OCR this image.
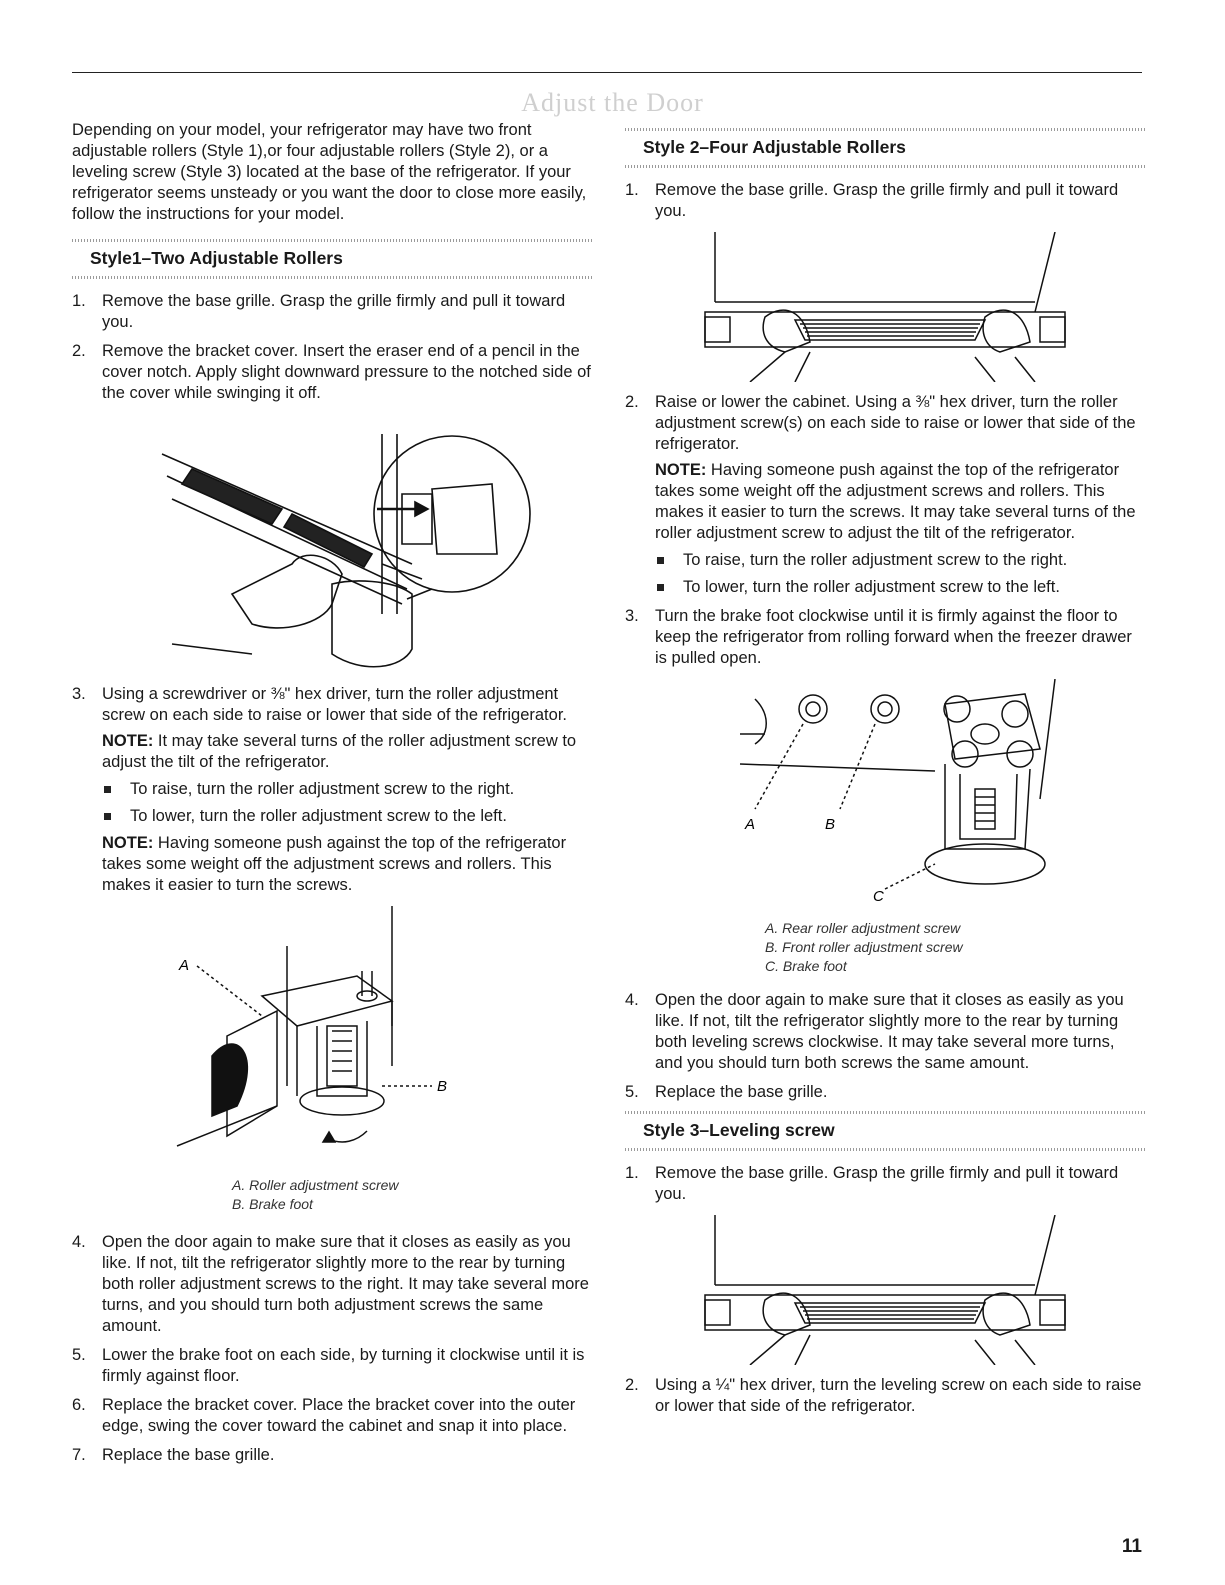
Adjust the Door

Depending on your model, your refrigerator may have two front adjustable rollers (Style 1),or four adjustable rollers (Style 2), or a leveling screw (Style 3) located at the base of the refrigerator. If your refrigerator seems unsteady or you want the door to close more easily, follow the instructions for your model.

Style1–Two Adjustable Rollers
1. Remove the base grille. Grasp the grille firmly and pull it toward you.
2. Remove the bracket cover. Insert the eraser end of a pencil in the cover notch. Apply slight downward pressure to the notched side of the cover while swinging it off.
3. Using a screwdriver or ⅜" hex driver, turn the roller adjustment screw on each side to raise or lower that side of the refrigerator.

NOTE: It may take several turns of the roller adjustment screw to adjust the tilt of the refrigerator.

To raise, turn the roller adjustment screw to the right.
To lower, turn the roller adjustment screw to the left.

NOTE: Having someone push against the top of the refrigerator takes some weight off the adjustment screws and rollers. This makes it easier to turn the screws.

A
B
A. Roller adjustment screw
B. Brake foot
4. Open the door again to make sure that it closes as easily as you like. If not, tilt the refrigerator slightly more to the rear by turning both roller adjustment screws to the right. It may take several more turns, and you should turn both adjustment screws the same amount.
5. Lower the brake foot on each side, by turning it clockwise until it is firmly against floor.
6. Replace the bracket cover. Place the bracket cover into the outer edge, swing the cover toward the cabinet and snap it into place.
7. Replace the base grille.
Style 2–Four Adjustable Rollers
1. Remove the base grille. Grasp the grille firmly and pull it toward you.
2. Raise or lower the cabinet. Using a ⅜" hex driver, turn the roller adjustment screw(s) on each side to raise or lower that side of the refrigerator.

NOTE: Having someone push against the top of the refrigerator takes some weight off the adjustment screws and rollers. This makes it easier to turn the screws. It may take several turns of the roller adjustment screw to adjust the tilt of the refrigerator.

To raise, turn the roller adjustment screw to the right.
To lower, turn the roller adjustment screw to the left.
3. Turn the brake foot clockwise until it is firmly against the floor to keep the refrigerator from rolling forward when the freezer drawer is pulled open.
A	B
C
A. Rear roller adjustment screw
B. Front roller adjustment screw
C. Brake foot
4. Open the door again to make sure that it closes as easily as you like. If not, tilt the refrigerator slightly more to the rear by turning both leveling screws clockwise. It may take several more turns, and you should turn both screws the same amount.
5. Replace the base grille.
Style 3–Leveling screw
1. Remove the base grille. Grasp the grille firmly and pull it toward you.
2. Using a ¼" hex driver, turn the leveling screw on each side to raise or lower that side of the refrigerator.
11
